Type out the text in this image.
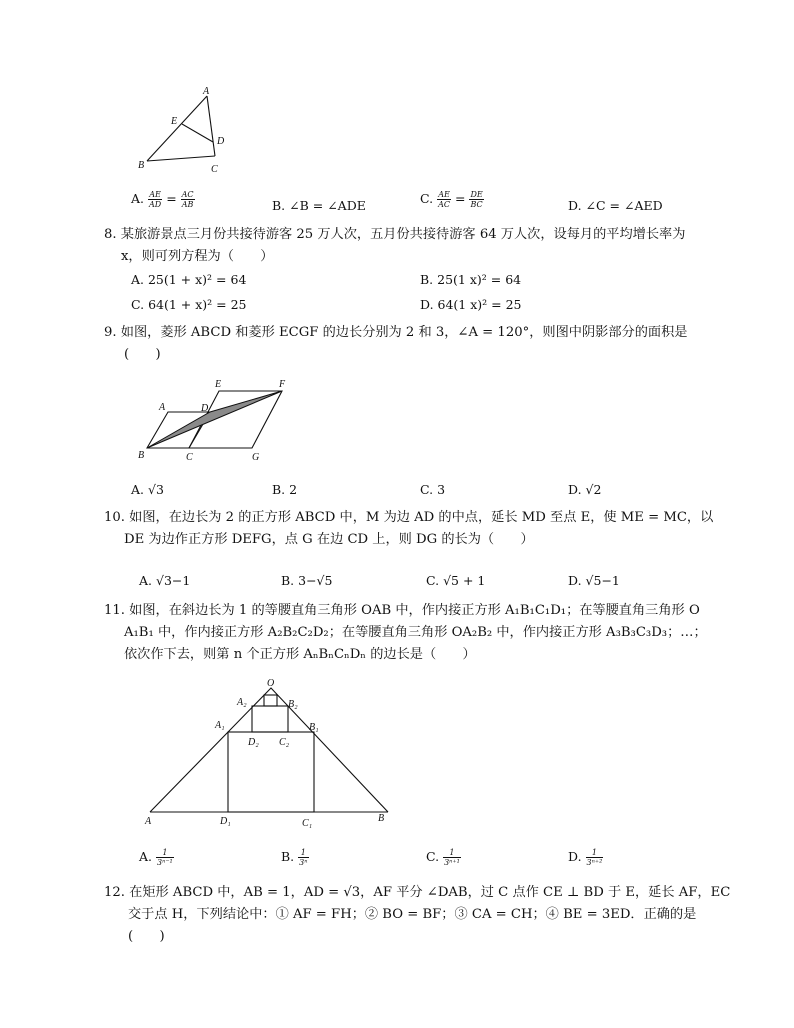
A
E
D
B	C
A. $\frac{AE}{AD} = \frac{AC}{AB}$	B. ∠B = ∠ADE	C. $\frac{AE}{AC} = \frac{DE}{BC}$	D. ∠C = ∠AED
8. 某旅游景点三月份共接待游客 25 万人次，五月份共接待游客 64 万人次，设每月的平均增长率为
x，则可列方程为（　　）
A. 25(1 + x)² = 64	B. 25(1 x)² = 64
C. 64(1 + x)² = 25	D. 64(1 x)² = 25
9. 如图，菱形 ABCD 和菱形 ECGF 的边长分别为 2 和 3，∠A = 120°，则图中阴影部分的面积是
(　　)
A	D
E	F
B	C	G
A. √3	B. 2	C. 3	D. √2
10. 如图，在边长为 2 的正方形 ABCD 中，M 为边 AD 的中点，延长 MD 至点 E，使 ME = MC，以
DE 为边作正方形 DEFG，点 G 在边 CD 上，则 DG 的长为（　　）
A. √3−1	B. 3−√5	C. √5 + 1	D. √5−1
11. 如图，在斜边长为 1 的等腰直角三角形 OAB 中，作内接正方形 A₁B₁C₁D₁；在等腰直角三角形 O
A₁B₁ 中，作内接正方形 A₂B₂C₂D₂；在等腰直角三角形 OA₂B₂ 中，作内接正方形 A₃B₃C₃D₃；…；
依次作下去，则第 n 个正方形 AₙBₙCₙDₙ 的边长是（　　）
O
A₂	B₂
A₁	B₁
D₂ C₂
A	D₁	C₁	B
A. $\frac{1}{\text{3ⁿ⁻¹}}$	B. $\frac{1}{\text{3ⁿ}}$	C. $\frac{1}{\text{3ⁿ⁺¹}}$	D. $\frac{1}{\text{3ⁿ⁺²}}$
12. 在矩形 ABCD 中，AB = 1，AD = √3，AF 平分 ∠DAB，过 C 点作 CE ⊥ BD 于 E，延长 AF，EC
交于点 H，下列结论中：① AF = FH；② BO = BF；③ CA = CH；④ BE = 3ED．正确的是
(　　)
